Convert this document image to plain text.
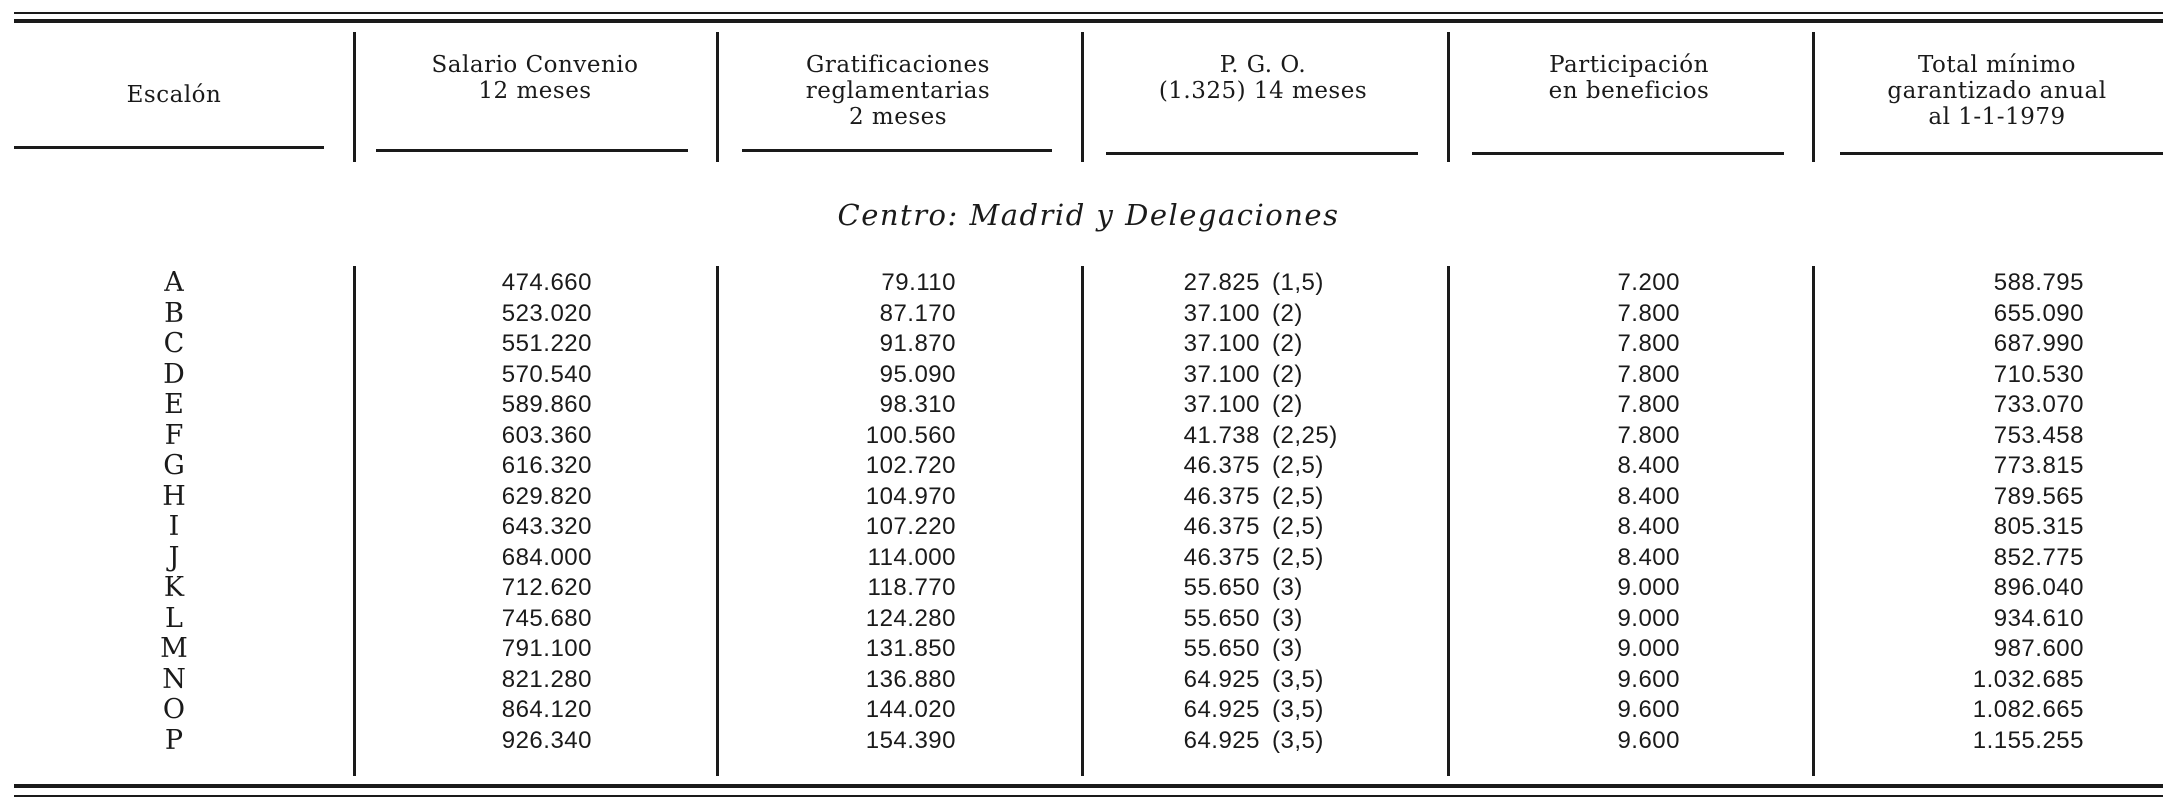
Escalón
Salario Convenio
12 meses
Gratificaciones
reglamentarias
2 meses
P. G. O.
(1.325) 14 meses
Participación
en beneficios
Total mínimo
garantizado anual
al 1-1-1979
Centro: Madrid y Delegaciones
A
B
C
D
E
F
G
H
I
J
K
L
M
N
O
P
474.660
523.020
551.220
570.540
589.860
603.360
616.320
629.820
643.320
684.000
712.620
745.680
791.100
821.280
864.120
926.340
79.110
87.170
91.870
95.090
98.310
100.560
102.720
104.970
107.220
114.000
118.770
124.280
131.850
136.880
144.020
154.390
27.825 (1,5)
37.100 (2)
37.100 (2)
37.100 (2)
37.100 (2)
41.738 (2,25)
46.375 (2,5)
46.375 (2,5)
46.375 (2,5)
46.375 (2,5)
55.650 (3)
55.650 (3)
55.650 (3)
64.925 (3,5)
64.925 (3,5)
64.925 (3,5)
7.200
7.800
7.800
7.800
7.800
7.800
8.400
8.400
8.400
8.400
9.000
9.000
9.000
9.600
9.600
9.600
588.795
655.090
687.990
710.530
733.070
753.458
773.815
789.565
805.315
852.775
896.040
934.610
987.600
1.032.685
1.082.665
1.155.255
